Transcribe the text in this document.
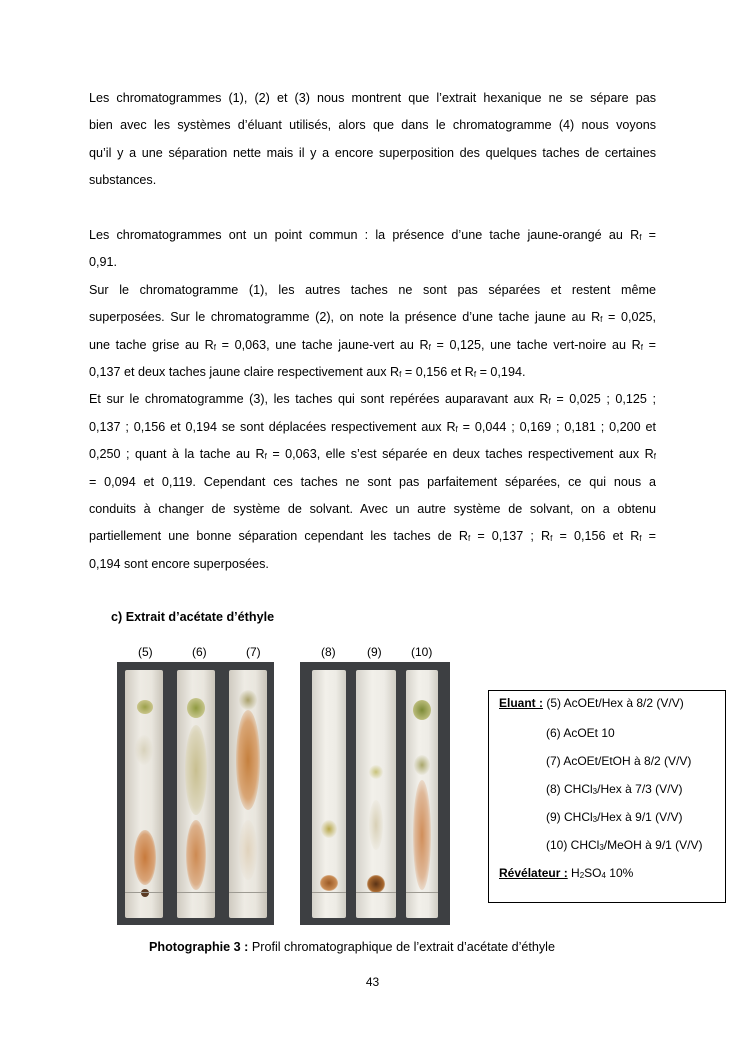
Les chromatogrammes (1), (2) et (3) nous montrent que l’extrait hexanique ne se sépare pas
bien avec les systèmes d’éluant utilisés, alors que dans le chromatogramme (4) nous voyons
qu’il y a une séparation nette mais il y a encore superposition des quelques taches de certaines
substances.
Les chromatogrammes ont un point commun : la présence d’une tache jaune-orangé au $R_f$ =
0,91.
Sur le chromatogramme (1), les autres taches ne sont pas séparées et restent même
superposées. Sur le chromatogramme (2), on note la présence d’une tache jaune au $R_f = 0,025$,
une tache grise au $R_f = 0,063$, une tache jaune-vert au $R_f = 0,125$, une tache vert-noire au $R_f$ =
0,137 et deux taches jaune claire respectivement aux $R_f = 0,156$ et $R_f = 0,194$.
Et sur le chromatogramme (3), les taches qui sont repérées auparavant aux $R_f = 0,025$ ; 0,125 ;
0,137 ; 0,156 et 0,194 se sont déplacées respectivement aux $R_f = 0,044$ ; 0,169 ; 0,181 ; 0,200 et
0,250 ; quant à la tache au $R_f = 0,063$, elle s’est séparée en deux taches respectivement aux $R_f$
= 0,094 et 0,119. Cependant ces taches ne sont pas parfaitement séparées, ce qui nous a
conduits à changer de système de solvant. Avec un autre système de solvant, on a obtenu
partiellement une bonne séparation cependant les taches de $R_f = 0,137$ ; $R_f = 0,156$ et $R_f$ =
0,194 sont encore superposées.
c) Extrait d’acétate d’éthyle
(5)	(6)	(7)	(8)	(9) (10)
Eluant : (5) AcOEt/Hex à 8/2 (V/V)
(6) AcOEt 10
(7) AcOEt/EtOH à 8/2 (V/V)
(8) CHCl$_3$/Hex à 7/3 (V/V)
(9) CHCl$_3$/Hex à 9/1 (V/V)
(10) CHCl$_3$/MeOH à 9/1 (V/V)
Révélateur : $H_2SO_4$ 10%
Photographie 3 : Profil chromatographique de l’extrait d’acétate d’éthyle
43
